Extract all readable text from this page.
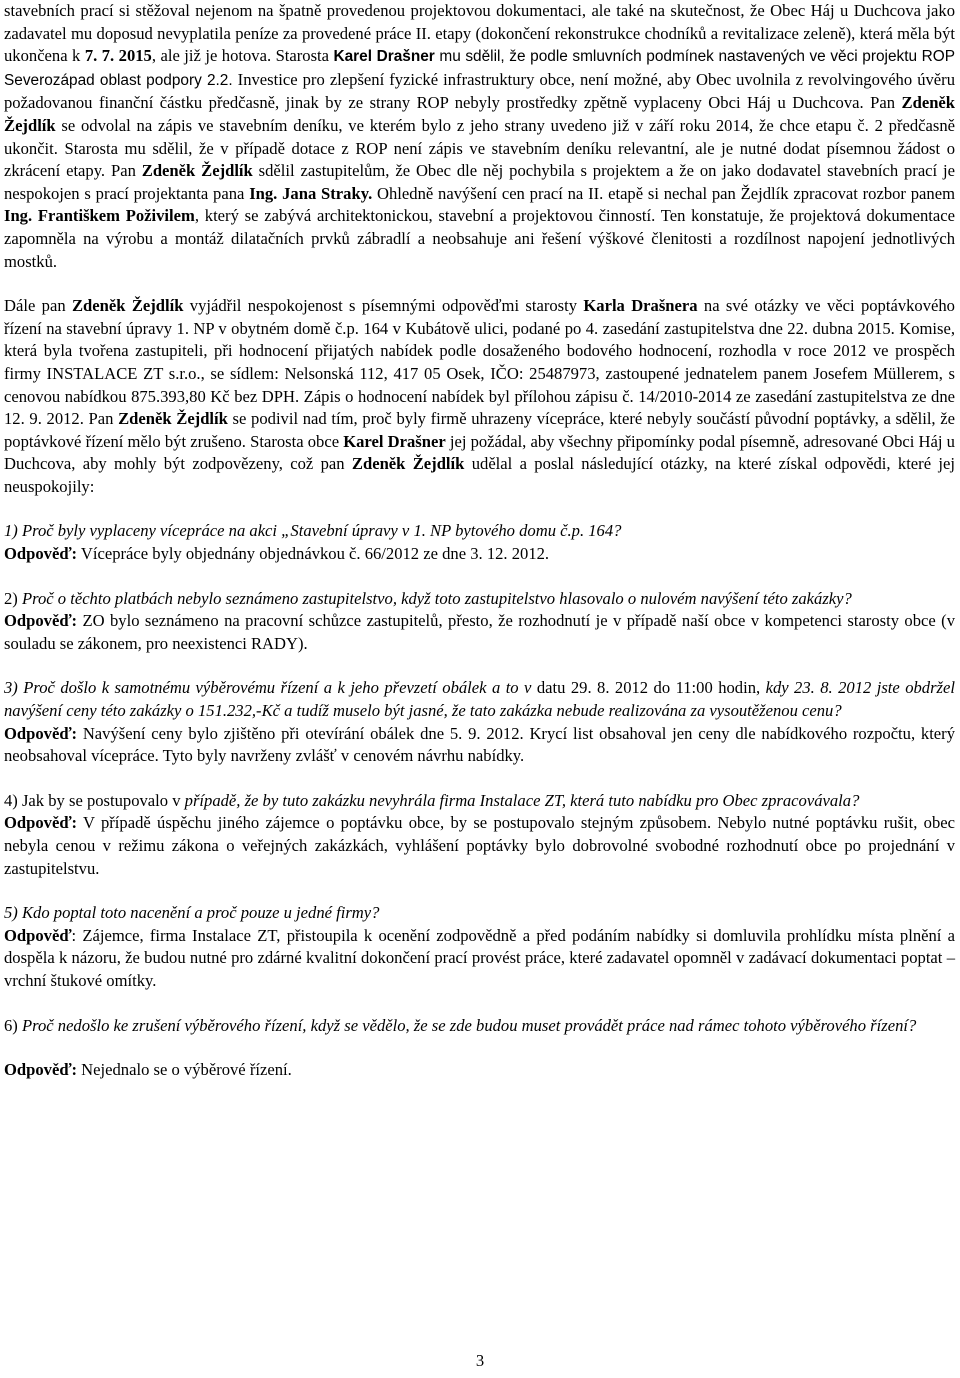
stavebních prací si stěžoval nejenom na špatně provedenou projektovou dokumentaci, ale také na skutečnost, že Obec Háj u Duchcova jako zadavatel mu doposud nevyplatila peníze za provedené práce II. etapy (dokončení rekonstrukce chodníků a revitalizace zeleně), která měla být ukončena k 7. 7. 2015, ale již je hotova. Starosta Karel Drašner mu sdělil, že podle smluvních podmínek nastavených ve věci projektu ROP Severozápad oblast podpory 2.2. Investice pro zlepšení fyzické infrastruktury obce, není možné, aby Obec uvolnila z revolvingového úvěru požadovanou finanční částku předčasně, jinak by ze strany ROP nebyly prostředky zpětně vyplaceny Obci Háj u Duchcova. Pan Zdeněk Žejdlík se odvolal na zápis ve stavebním deníku, ve kterém bylo z jeho strany uvedeno již v září roku 2014, že chce etapu č. 2 předčasně ukončit. Starosta mu sdělil, že v případě dotace z ROP není zápis ve stavebním deníku relevantní, ale je nutné dodat písemnou žádost o zkrácení etapy. Pan Zdeněk Žejdlík sdělil zastupitelům, že Obec dle něj pochybila s projektem a že on jako dodavatel stavebních prací je nespokojen s prací projektanta pana Ing. Jana Straky. Ohledně navýšení cen prací na II. etapě si nechal pan Žejdlík zpracovat rozbor panem Ing. Františkem Poživilem, který se zabývá architektonickou, stavební a projektovou činností. Ten konstatuje, že projektová dokumentace zapomněla na výrobu a montáž dilatačních prvků zábradlí a neobsahuje ani řešení výškové členitosti a rozdílnost napojení jednotlivých mostků.

Dále pan Zdeněk Žejdlík vyjádřil nespokojenost s písemnými odpověďmi starosty Karla Drašnera na své otázky ve věci poptávkového řízení na stavební úpravy 1. NP v obytném domě č.p. 164 v Kubátově ulici, podané po 4. zasedání zastupitelstva dne 22. dubna 2015. Komise, která byla tvořena zastupiteli, při hodnocení přijatých nabídek podle dosaženého bodového hodnocení, rozhodla v roce 2012 ve prospěch firmy INSTALACE ZT s.r.o., se sídlem: Nelsonská 112, 417 05 Osek, IČO: 25487973, zastoupené jednatelem panem Josefem Müllerem, s cenovou nabídkou 875.393,80 Kč bez DPH. Zápis o hodnocení nabídek byl přílohou zápisu č. 14/2010-2014 ze zasedání zastupitelstva ze dne 12. 9. 2012. Pan Zdeněk Žejdlík se podivil nad tím, proč byly firmě uhrazeny vícepráce, které nebyly součástí původní poptávky, a sdělil, že poptávkové řízení mělo být zrušeno. Starosta obce Karel Drašner jej požádal, aby všechny připomínky podal písemně, adresované Obci Háj u Duchcova, aby mohly být zodpovězeny, což pan Zdeněk Žejdlík udělal a poslal následující otázky, na které získal odpovědi, které jej neuspokojily:

1) Proč byly vyplaceny vícepráce na akci „Stavební úpravy v 1. NP bytového domu č.p. 164?
Odpověď: Vícepráce byly objednány objednávkou č. 66/2012 ze dne 3. 12. 2012.

2) Proč o těchto platbách nebylo seznámeno zastupitelstvo, když toto zastupitelstvo hlasovalo o nulovém navýšení této zakázky?
Odpověď: ZO bylo seznámeno na pracovní schůzce zastupitelů, přesto, že rozhodnutí je v případě naší obce v kompetenci starosty obce (v souladu se zákonem, pro neexistenci RADY).

3) Proč došlo k samotnému výběrovému řízení a k jeho převzetí obálek a to v datu 29. 8. 2012 do 11:00 hodin, kdy 23. 8. 2012 jste obdržel navýšení ceny této zakázky o 151.232,-Kč a tudíž muselo být jasné, že tato zakázka nebude realizována za vysoutěženou cenu?
Odpověď: Navýšení ceny bylo zjištěno při otevírání obálek dne 5. 9. 2012. Krycí list obsahoval jen ceny dle nabídkového rozpočtu, který neobsahoval vícepráce. Tyto byly navrženy zvlášť v cenovém návrhu nabídky.

4) Jak by se postupovalo v případě, že by tuto zakázku nevyhrála firma Instalace ZT, která tuto nabídku pro Obec zpracovávala?
Odpověď: V případě úspěchu jiného zájemce o poptávku obce, by se postupovalo stejným způsobem. Nebylo nutné poptávku rušit, obec nebyla cenou v režimu zákona o veřejných zakázkách, vyhlášení poptávky bylo dobrovolné svobodné rozhodnutí obce po projednání v zastupitelstvu.

5) Kdo poptal toto nacenění a proč pouze u jedné firmy?
Odpověď: Zájemce, firma Instalace ZT, přistoupila k ocenění zodpovědně a před podáním nabídky si domluvila prohlídku místa plnění a dospěla k názoru, že budou nutné pro zdárné kvalitní dokončení prací provést práce, které zadavatel opomněl v zadávací dokumentaci poptat – vrchní štukové omítky.

6) Proč nedošlo ke zrušení výběrového řízení, když se vědělo, že se zde budou muset provádět práce nad rámec tohoto výběrového řízení?

Odpověď: Nejednalo se o výběrové řízení.

3
